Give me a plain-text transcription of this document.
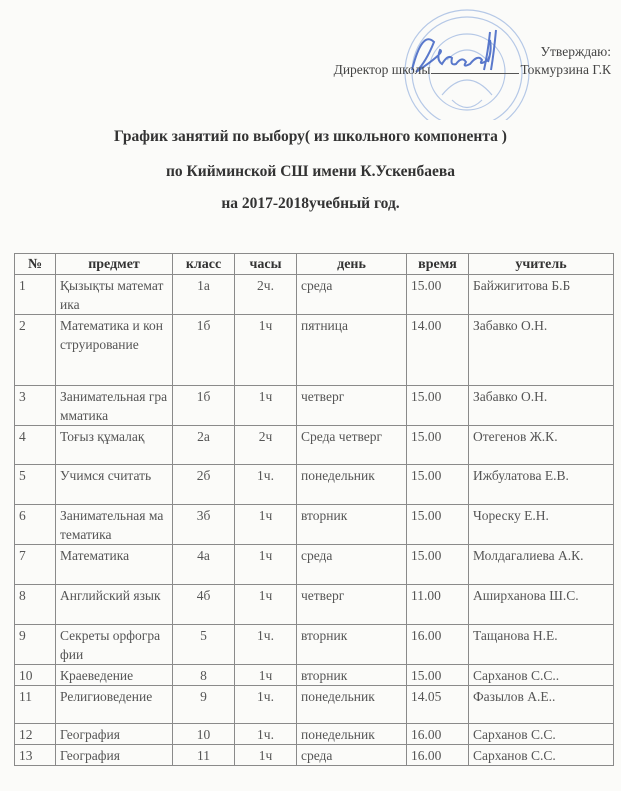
Утверждаю:
Директор школы	Токмурзина Г.К
График занятий по выбору( из школьного компонента )
по Кийминской СШ имени К.Ускенбаева
на 2017-2018учебный год.
№	предмет	класс	часы	день	время	учитель
1	Қызықты математика	1а	2ч.	среда	15.00	Байжигитова Б.Б
2	Математика и конструирование	1б	1ч	пятница	14.00	Забавко О.Н.
3	Занимательная грамматика	1б	1ч	четверг	15.00	Забавко О.Н.
4	Тоғыз құмалақ	2а	2ч	Среда четверг	15.00	Отегенов Ж.К.
5	Учимся считать	2б	1ч.	понедельник	15.00	Ижбулатова Е.В.
6	Занимательная математика	3б	1ч	вторник	15.00	Чореску Е.Н.
7	Математика	4а	1ч	среда	15.00	Молдагалиева А.К.
8	Английский язык	4б	1ч	четверг	11.00	Аширханова Ш.С.
9	Секреты орфографии	5	1ч.	вторник	16.00	Тащанова Н.Е.
10	Краеведение	8	1ч	вторник	15.00	Сарханов С.С..
11	Религиоведение	9	1ч.	понедельник	14.05	Фазылов А.Е..
12	География	10	1ч.	понедельник	16.00	Сарханов С.С.
13	География	11	1ч	среда	16.00	Сарханов С.С.
